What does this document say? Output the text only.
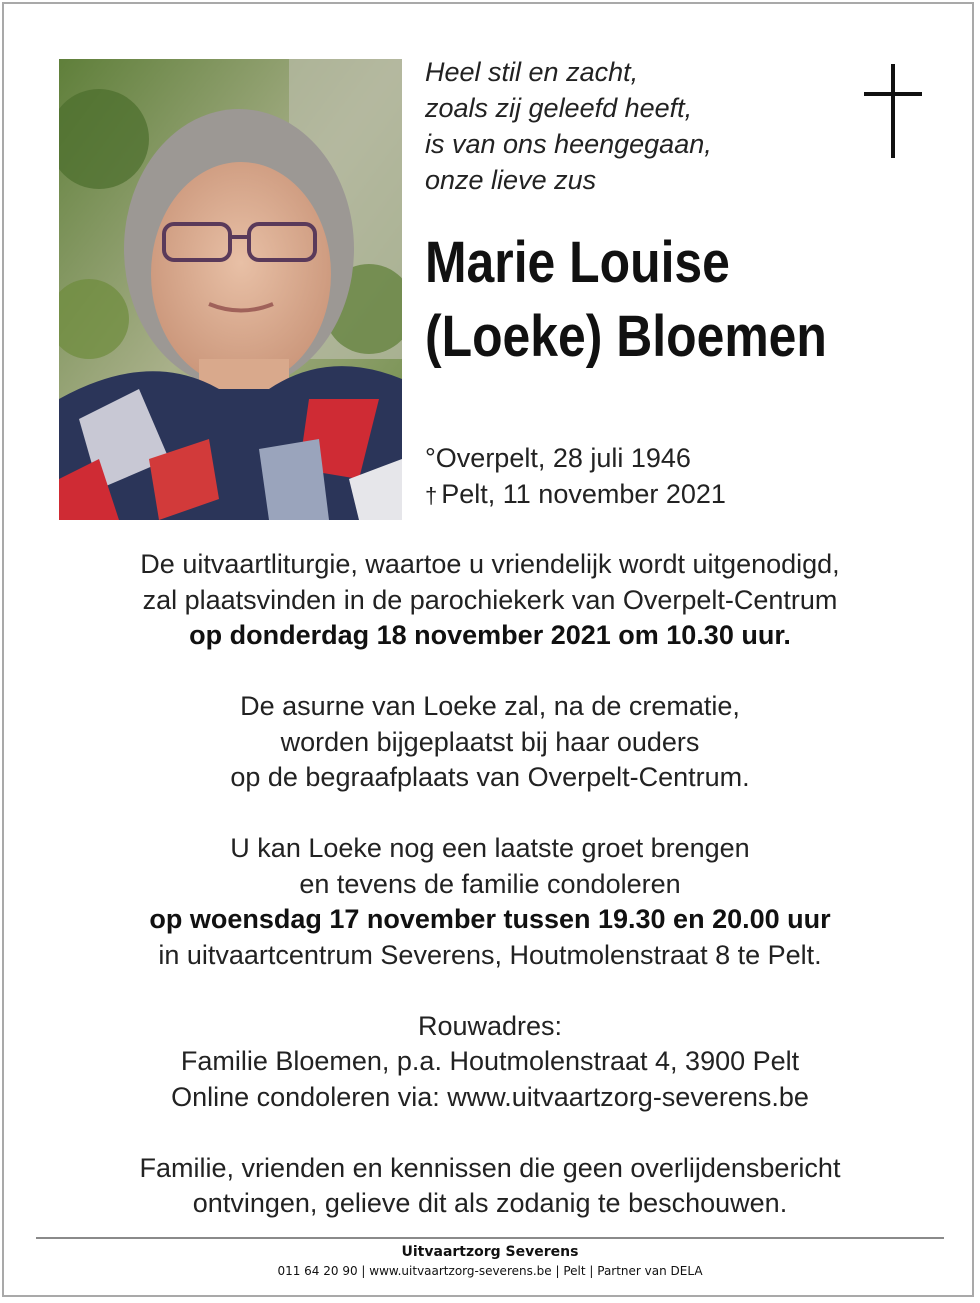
Heel stil en zacht,
zoals zij geleefd heeft,
is van ons heengegaan,
onze lieve zus
Marie Louise
(Loeke) Bloemen
°Overpelt, 28 juli 1946
† Pelt, 11 november 2021
De uitvaartliturgie, waartoe u vriendelijk wordt uitgenodigd,
zal plaatsvinden in de parochiekerk van Overpelt-Centrum
op donderdag 18 november 2021 om 10.30 uur.
De asurne van Loeke zal, na de crematie,
worden bijgeplaatst bij haar ouders
op de begraafplaats van Overpelt-Centrum.
U kan Loeke nog een laatste groet brengen
en tevens de familie condoleren
op woensdag 17 november tussen 19.30 en 20.00 uur
in uitvaartcentrum Severens, Houtmolenstraat 8 te Pelt.
Rouwadres:
Familie Bloemen, p.a. Houtmolenstraat 4, 3900 Pelt
Online condoleren via: www.uitvaartzorg-severens.be
Familie, vrienden en kennissen die geen overlijdensbericht
ontvingen, gelieve dit als zodanig te beschouwen.
Uitvaartzorg Severens
011 64 20 90 | www.uitvaartzorg-severens.be | Pelt | Partner van DELA
